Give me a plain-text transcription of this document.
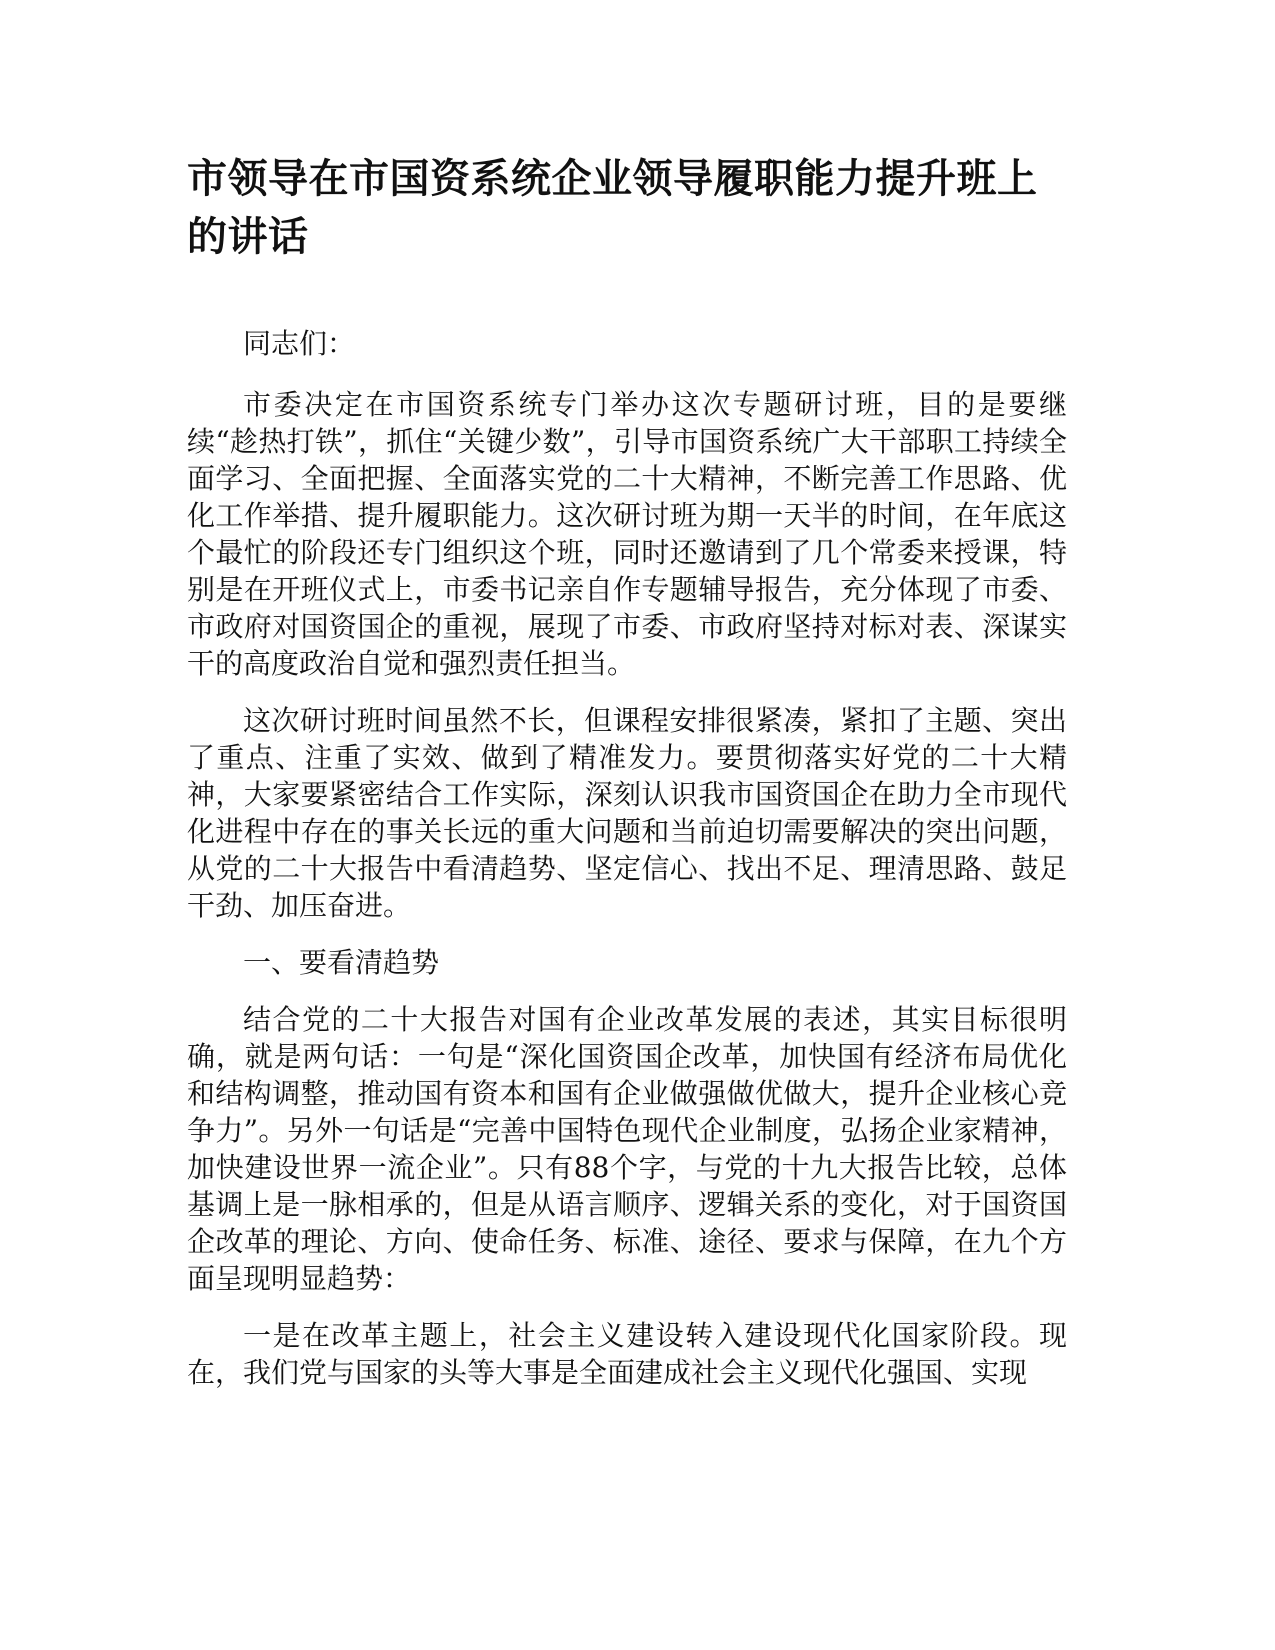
市领导在市国资系统企业领导履职能力提升班上的讲话

同志们：

市委决定在市国资系统专门举办这次专题研讨班，目的是要继续“趁热打铁”，抓住“关键少数”，引导市国资系统广大干部职工持续全面学习、全面把握、全面落实党的二十大精神，不断完善工作思路、优化工作举措、提升履职能力。这次研讨班为期一天半的时间，在年底这个最忙的阶段还专门组织这个班，同时还邀请到了几个常委来授课，特别是在开班仪式上，市委书记亲自作专题辅导报告，充分体现了市委、市政府对国资国企的重视，展现了市委、市政府坚持对标对表、深谋实干的高度政治自觉和强烈责任担当。

这次研讨班时间虽然不长，但课程安排很紧凑，紧扣了主题、突出了重点、注重了实效、做到了精准发力。要贯彻落实好党的二十大精神，大家要紧密结合工作实际，深刻认识我市国资国企在助力全市现代化进程中存在的事关长远的重大问题和当前迫切需要解决的突出问题，从党的二十大报告中看清趋势、坚定信心、找出不足、理清思路、鼓足干劲、加压奋进。

一、要看清趋势

结合党的二十大报告对国有企业改革发展的表述，其实目标很明确，就是两句话：一句是“深化国资国企改革，加快国有经济布局优化和结构调整，推动国有资本和国有企业做强做优做大，提升企业核心竞争力”。另外一句话是“完善中国特色现代企业制度，弘扬企业家精神，加快建设世界一流企业”。只有88个字，与党的十九大报告比较，总体基调上是一脉相承的，但是从语言顺序、逻辑关系的变化，对于国资国企改革的理论、方向、使命任务、标准、途径、要求与保障，在九个方面呈现明显趋势：

一是在改革主题上，社会主义建设转入建设现代化国家阶段。现在，我们党与国家的头等大事是全面建成社会主义现代化强国、实现
